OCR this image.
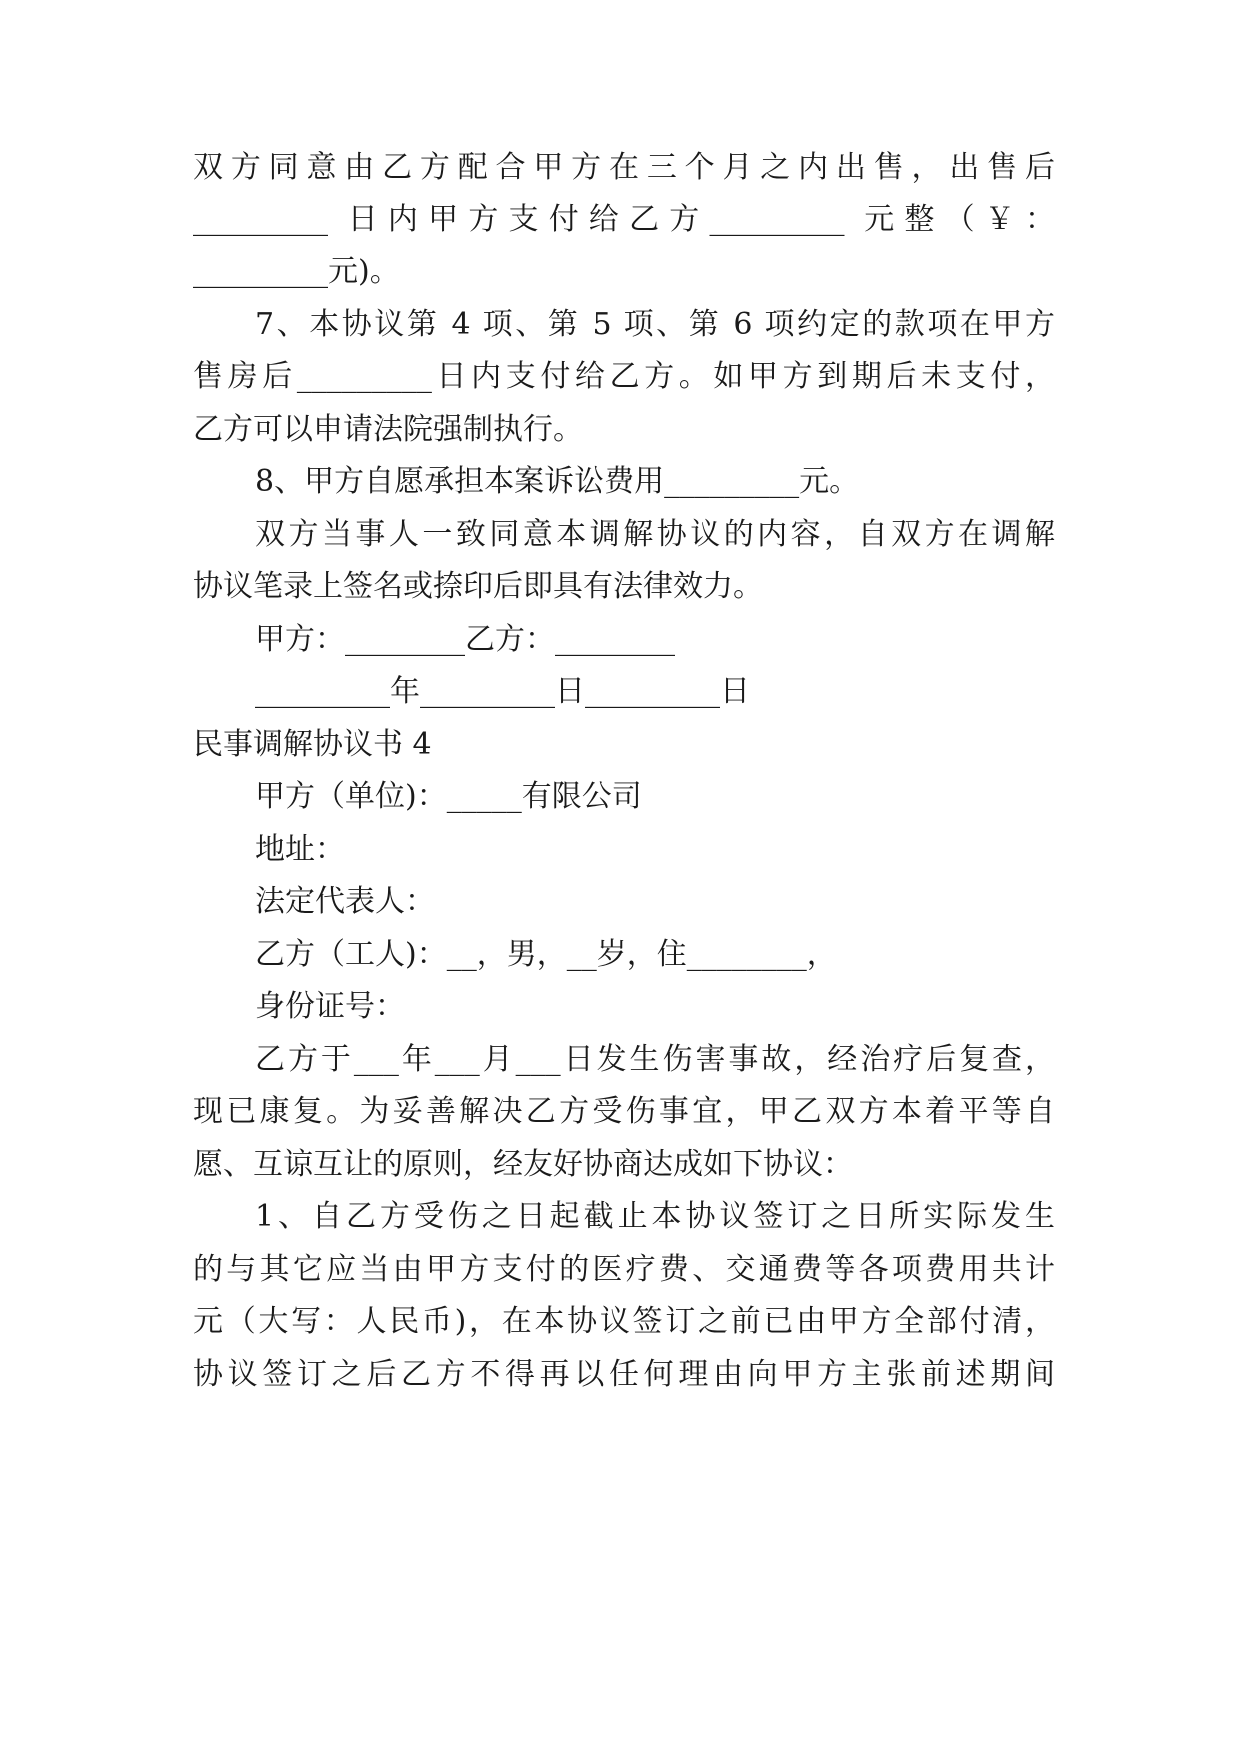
双方同意由乙方配合甲方在三个月之内出售，出售后
_________ 日内甲方支付给乙方_________ 元整（￥：
_________元)。
7、本协议第 4 项、第 5 项、第 6 项约定的款项在甲方
售房后_________日内支付给乙方。如甲方到期后未支付，
乙方可以申请法院强制执行。
8、甲方自愿承担本案诉讼费用_________元。
双方当事人一致同意本调解协议的内容，自双方在调解
协议笔录上签名或捺印后即具有法律效力。
甲方：________乙方：________
_________年_________日_________日
民事调解协议书 4
甲方（单位)：_____有限公司
地址：
法定代表人：
乙方（工人)：__，男，__岁，住________，
身份证号：
乙方于___年___月___日发生伤害事故，经治疗后复查，
现已康复。为妥善解决乙方受伤事宜，甲乙双方本着平等自
愿、互谅互让的原则，经友好协商达成如下协议：
1、自乙方受伤之日起截止本协议签订之日所实际发生
的与其它应当由甲方支付的医疗费、交通费等各项费用共计
元（大写：人民币)，在本协议签订之前已由甲方全部付清，
协议签订之后乙方不得再以任何理由向甲方主张前述期间
